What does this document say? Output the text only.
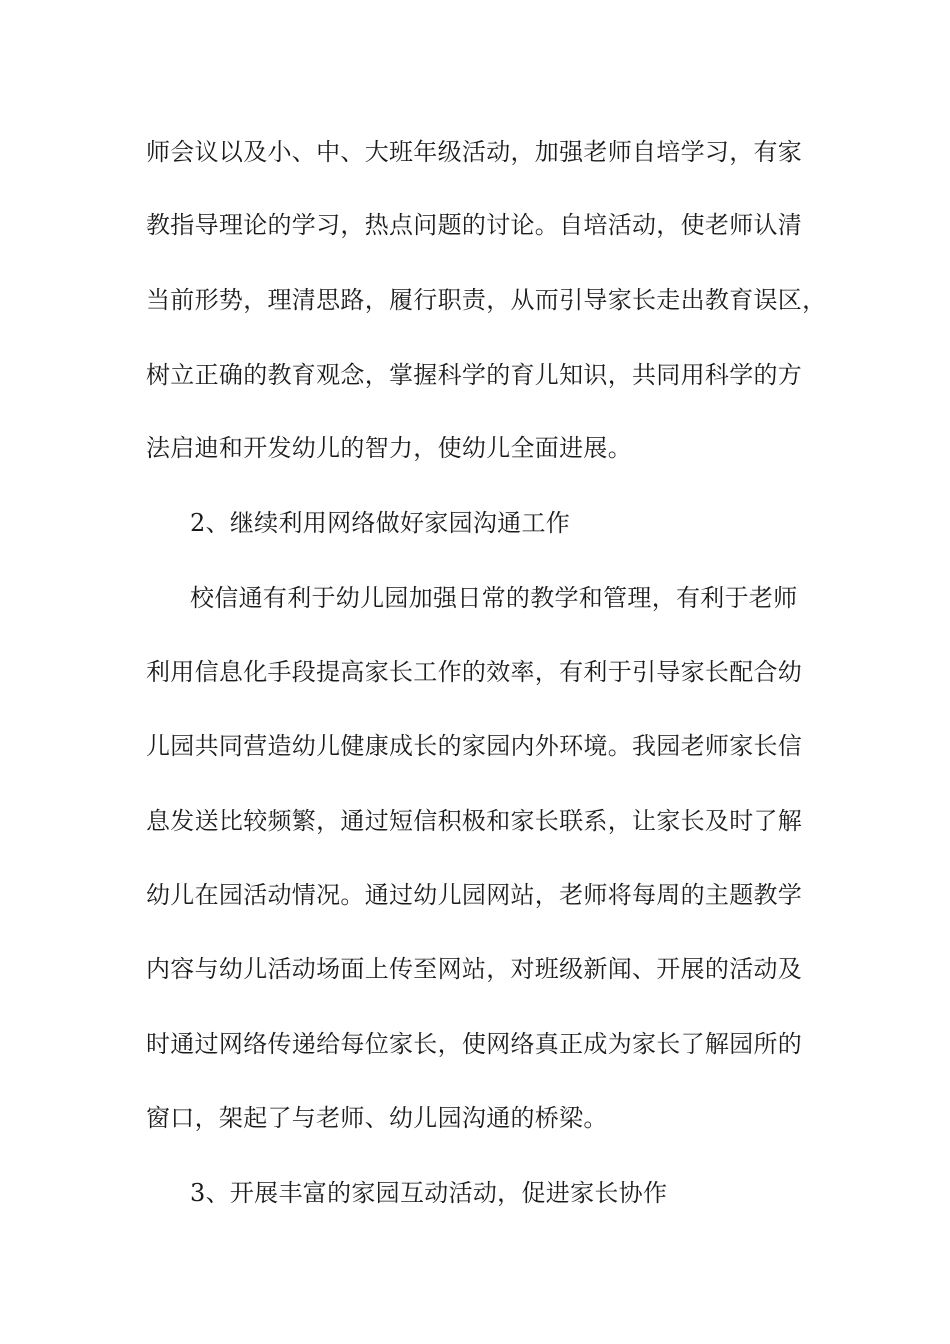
师会议以及小、中、大班年级活动，加强老师自培学习，有家
教指导理论的学习，热点问题的讨论。自培活动，使老师认清
当前形势，理清思路，履行职责，从而引导家长走出教育误区，
树立正确的教育观念，掌握科学的育儿知识，共同用科学的方
法启迪和开发幼儿的智力，使幼儿全面进展。
2、继续利用网络做好家园沟通工作
校信通有利于幼儿园加强日常的教学和管理，有利于老师
利用信息化手段提高家长工作的效率，有利于引导家长配合幼
儿园共同营造幼儿健康成长的家园内外环境。我园老师家长信
息发送比较频繁，通过短信积极和家长联系，让家长及时了解
幼儿在园活动情况。通过幼儿园网站，老师将每周的主题教学
内容与幼儿活动场面上传至网站，对班级新闻、开展的活动及
时通过网络传递给每位家长，使网络真正成为家长了解园所的
窗口，架起了与老师、幼儿园沟通的桥梁。
3、开展丰富的家园互动活动，促进家长协作
